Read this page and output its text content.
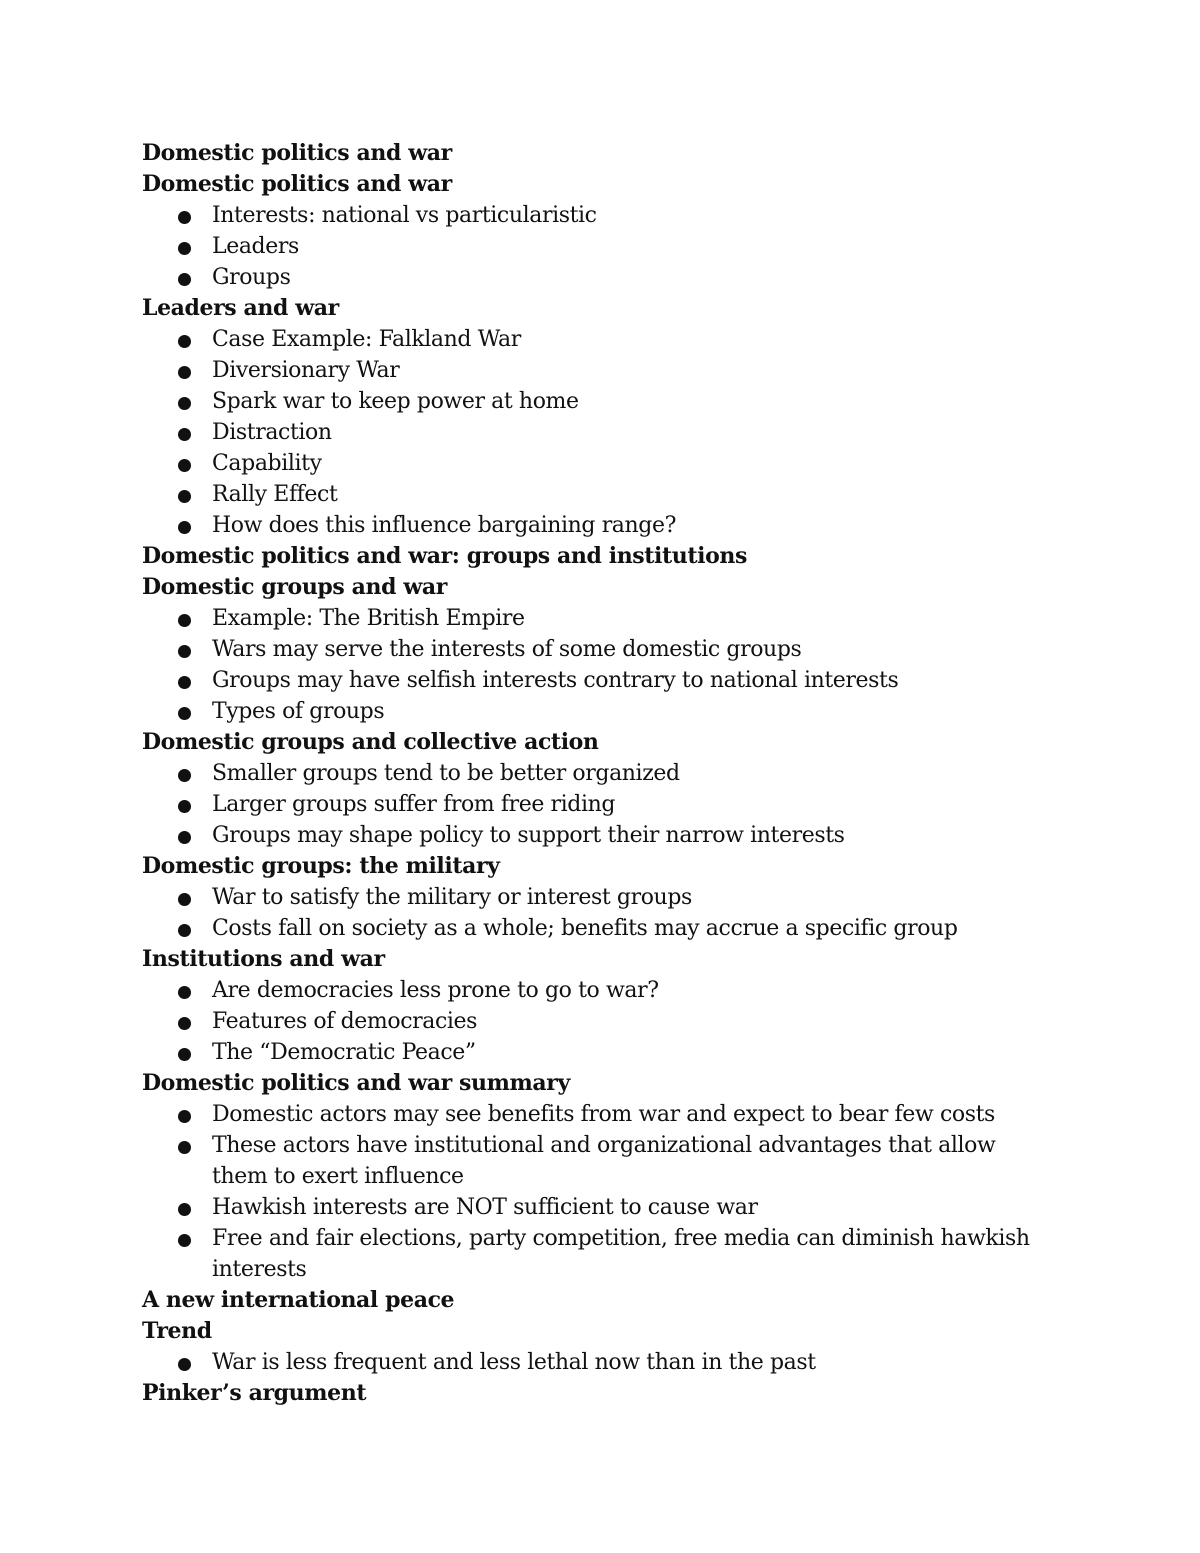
Domestic politics and war
Domestic politics and war
Interests: national vs particularistic
Leaders
Groups
Leaders and war
Case Example: Falkland War
Diversionary War
Spark war to keep power at home
Distraction
Capability
Rally Effect
How does this influence bargaining range?
Domestic politics and war: groups and institutions
Domestic groups and war
Example: The British Empire
Wars may serve the interests of some domestic groups
Groups may have selfish interests contrary to national interests
Types of groups
Domestic groups and collective action
Smaller groups tend to be better organized
Larger groups suffer from free riding
Groups may shape policy to support their narrow interests
Domestic groups: the military
War to satisfy the military or interest groups
Costs fall on society as a whole; benefits may accrue a specific group
Institutions and war
Are democracies less prone to go to war?
Features of democracies
The “Democratic Peace”
Domestic politics and war summary
Domestic actors may see benefits from war and expect to bear few costs
These actors have institutional and organizational advantages that allow them to exert influence
Hawkish interests are NOT sufficient to cause war
Free and fair elections, party competition, free media can diminish hawkish interests
A new international peace
Trend
War is less frequent and less lethal now than in the past
Pinker’s argument
